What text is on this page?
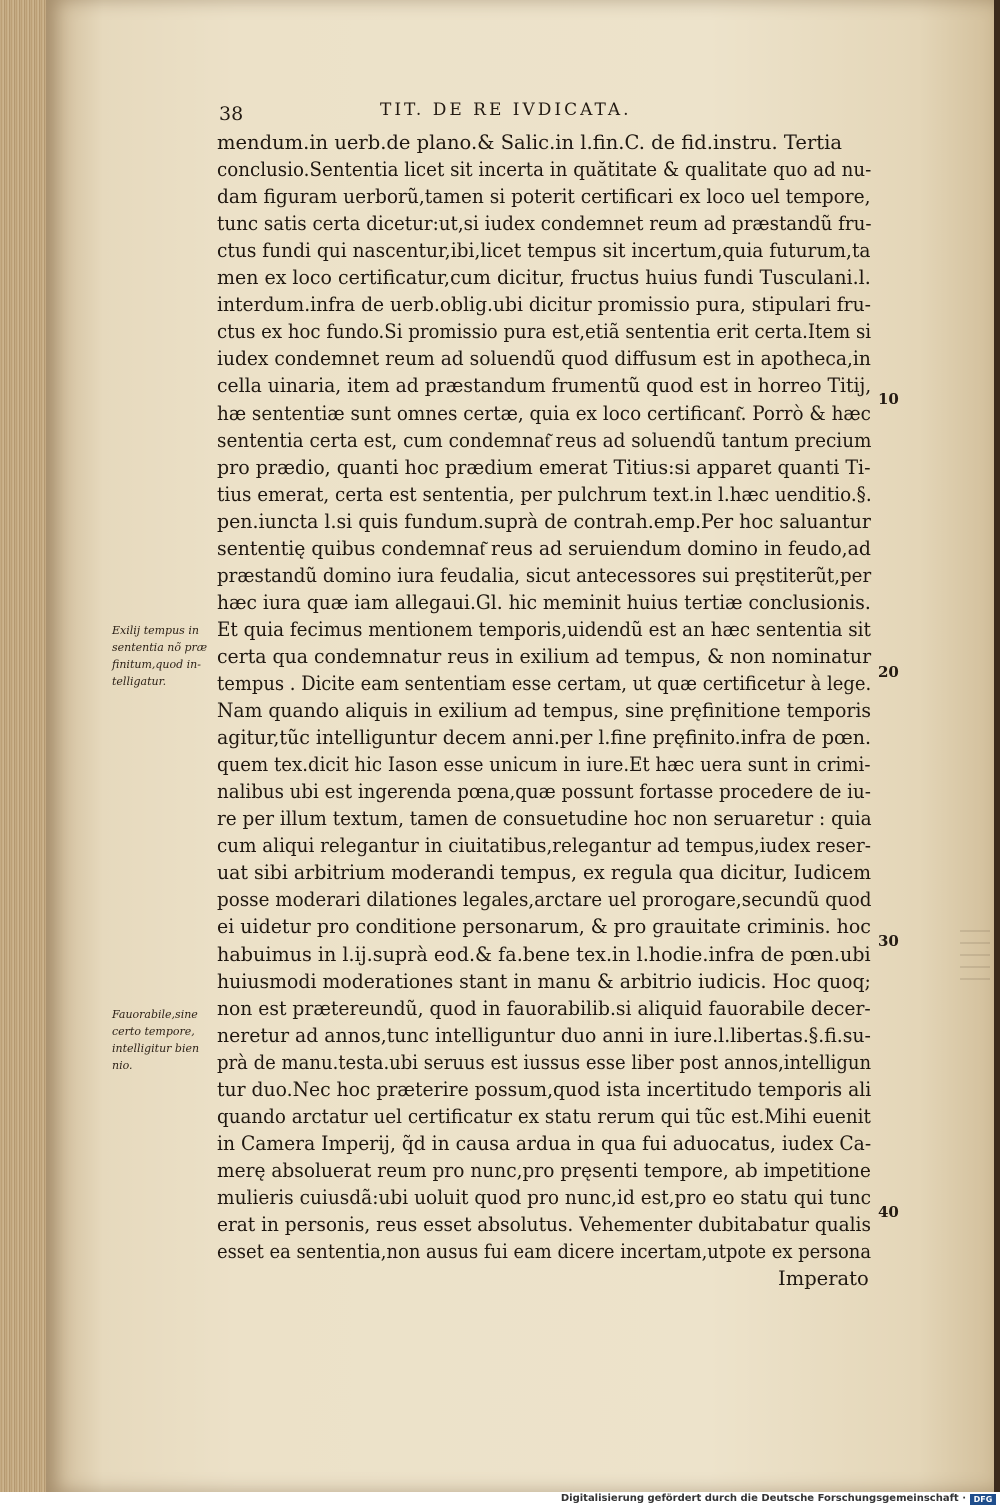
38	TIT. DE RE IVDICATA.
mendum.in uerb.de plano.& Salic.in l.fin.C. de fid.instru. Tertia
conclusio.Sententia licet sit incerta in quătitate & qualitate quo ad nu-
dam figuram uerborũ,tamen si poterit certificari ex loco uel tempore,
tunc satis certa dicetur:ut,si iudex condemnet reum ad præstandũ fru-
ctus fundi qui nascentur,ibi,licet tempus sit incertum,quia futurum,ta
men ex loco certificatur,cum dicitur, fructus huius fundi Tusculani.l.
interdum.infra de uerb.oblig.ubi dicitur promissio pura, stipulari fru-
ctus ex hoc fundo.Si promissio pura est,etiã sententia erit certa.Item si
iudex condemnet reum ad soluendũ quod diffusum est in apotheca,in
cella uinaria, item ad præstandum frumentũ quod est in horreo Titij,
hæ sententiæ sunt omnes certæ, quia ex loco certificant͂. Porrò & hæc
sententia certa est, cum condemnat͂ reus ad soluendũ tantum precium
pro prædio, quanti hoc prædium emerat Titius:si apparet quanti Ti-
tius emerat, certa est sententia, per pulchrum text.in l.hæc uenditio.§.
pen.iuncta l.si quis fundum.suprà de contrah.emp.Per hoc saluantur
sententię quibus condemnat͂ reus ad seruiendum domino in feudo,ad
præstandũ domino iura feudalia, sicut antecessores sui pręstiterũt,per
hæc iura quæ iam allegaui.Gl. hic meminit huius tertiæ conclusionis.
Et quia fecimus mentionem temporis,uidendũ est an hæc sententia sit
certa qua condemnatur reus in exilium ad tempus, & non nominatur
tempus . Dicite eam sententiam esse certam, ut quæ certificetur à lege.
Nam quando aliquis in exilium ad tempus, sine pręfinitione temporis
agitur,tũc intelliguntur decem anni.per l.fine pręfinito.infra de pœn.
quem tex.dicit hic Iason esse unicum in iure.Et hæc uera sunt in crimi-
nalibus ubi est ingerenda pœna,quæ possunt fortasse procedere de iu-
re per illum textum, tamen de consuetudine hoc non seruaretur : quia
cum aliqui relegantur in ciuitatibus,relegantur ad tempus,iudex reser-
uat sibi arbitrium moderandi tempus, ex regula qua dicitur, Iudicem
posse moderari dilationes legales,arctare uel prorogare,secundũ quod
ei uidetur pro conditione personarum, & pro grauitate criminis. hoc
habuimus in l.ij.suprà eod.& fa.bene tex.in l.hodie.infra de pœn.ubi
huiusmodi moderationes stant in manu & arbitrio iudicis. Hoc quoq;
non est prætereundũ, quod in fauorabilib.si aliquid fauorabile decer-
neretur ad annos,tunc intelliguntur duo anni in iure.l.libertas.§.fi.su-
prà de manu.testa.ubi seruus est iussus esse liber post annos,intelligun
tur duo.Nec hoc præterire possum,quod ista incertitudo temporis ali
quando arctatur uel certificatur ex statu rerum qui tũc est.Mihi euenit
in Camera Imperij, q̃d in causa ardua in qua fui aduocatus, iudex Ca-
merę absoluerat reum pro nunc,pro pręsenti tempore, ab impetitione
mulieris cuiusdã:ubi uoluit quod pro nunc,id est,pro eo statu qui tunc
erat in personis, reus esset absolutus. Vehementer dubitabatur qualis
esset ea sententia,non ausus fui eam dicere incertam,utpote ex persona
Imperato
10
20
30
40
Exilij tempus in
sententia nõ præ
finitum,quod in-
telligatur.
Fauorabile,sine
certo tempore,
intelligitur bien
nio.
Digitalisierung gefördert durch die Deutsche Forschungsgemeinschaft · DFG
